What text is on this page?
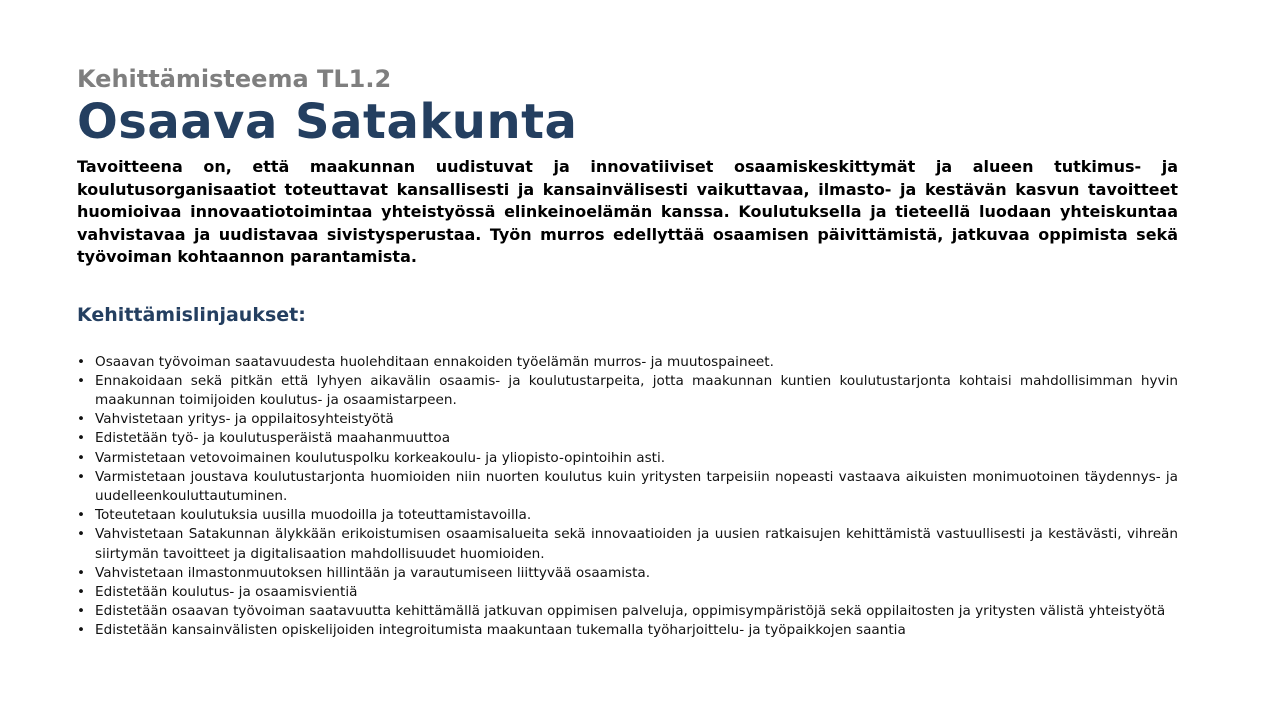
Kehittämisteema TL1.2
Osaava Satakunta

Tavoitteena on, että maakunnan uudistuvat ja innovatiiviset osaamiskeskittymät ja alueen tutkimus- ja koulutusorganisaatiot toteuttavat kansallisesti ja kansainvälisesti vaikuttavaa, ilmasto- ja kestävän kasvun tavoitteet huomioivaa innovaatiotoimintaa yhteistyössä elinkeinoelämän kanssa. Koulutuksella ja tieteellä luodaan yhteiskuntaa vahvistavaa ja uudistavaa sivistysperustaa. Työn murros edellyttää osaamisen päivittämistä, jatkuvaa oppimista sekä työvoiman kohtaannon parantamista.

Kehittämislinjaukset:
• Osaavan työvoiman saatavuudesta huolehditaan ennakoiden työelämän murros- ja muutospaineet.
• Ennakoidaan sekä pitkän että lyhyen aikavälin osaamis- ja koulutustarpeita, jotta maakunnan kuntien koulutustarjonta kohtaisi mahdollisimman hyvin maakunnan toimijoiden koulutus- ja osaamistarpeen.
• Vahvistetaan yritys- ja oppilaitosyhteistyötä
• Edistetään työ- ja koulutusperäistä maahanmuuttoa
• Varmistetaan vetovoimainen koulutuspolku korkeakoulu- ja yliopisto-opintoihin asti.
• Varmistetaan joustava koulutustarjonta huomioiden niin nuorten koulutus kuin yritysten tarpeisiin nopeasti vastaava aikuisten monimuotoinen täydennys- ja uudelleenkouluttautuminen.
• Toteutetaan koulutuksia uusilla muodoilla ja toteuttamistavoilla.
• Vahvistetaan Satakunnan älykkään erikoistumisen osaamisalueita sekä innovaatioiden ja uusien ratkaisujen kehittämistä vastuullisesti ja kestävästi, vihreän siirtymän tavoitteet ja digitalisaation mahdollisuudet huomioiden.
• Vahvistetaan ilmastonmuutoksen hillintään ja varautumiseen liittyvää osaamista.
• Edistetään koulutus- ja osaamisvientiä
• Edistetään osaavan työvoiman saatavuutta kehittämällä jatkuvan oppimisen palveluja, oppimisympäristöjä sekä oppilaitosten ja yritysten välistä yhteistyötä
• Edistetään kansainvälisten opiskelijoiden integroitumista maakuntaan tukemalla työharjoittelu- ja työpaikkojen saantia
